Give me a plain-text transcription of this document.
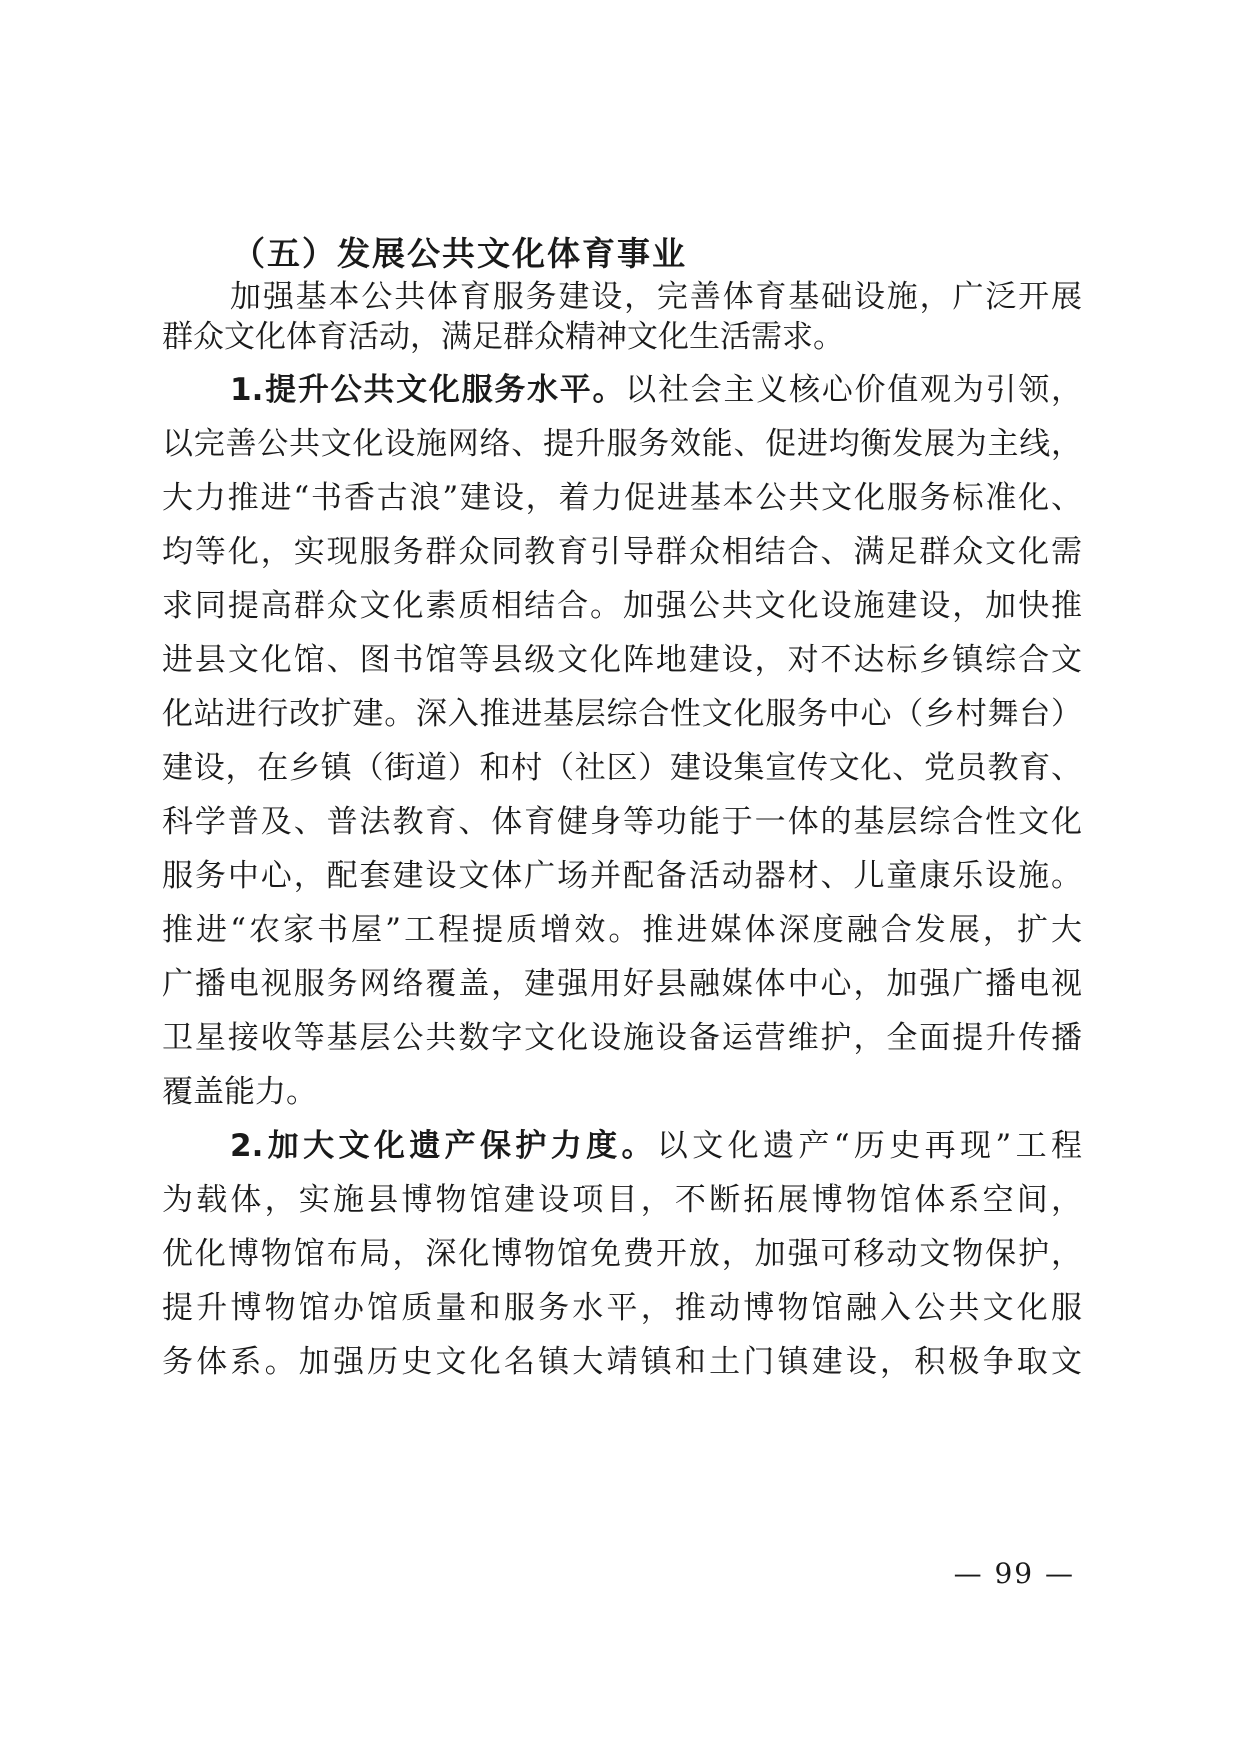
（五）发展公共文化体育事业
加强基本公共体育服务建设，完善体育基础设施，广泛开展
群众文化体育活动，满足群众精神文化生活需求。
1.提升公共文化服务水平。以社会主义核心价值观为引领，
以完善公共文化设施网络、提升服务效能、促进均衡发展为主线，
大力推进“书香古浪”建设，着力促进基本公共文化服务标准化、
均等化，实现服务群众同教育引导群众相结合、满足群众文化需
求同提高群众文化素质相结合。加强公共文化设施建设，加快推
进县文化馆、图书馆等县级文化阵地建设，对不达标乡镇综合文
化站进行改扩建。深入推进基层综合性文化服务中心（乡村舞台）
建设，在乡镇（街道）和村（社区）建设集宣传文化、党员教育、
科学普及、普法教育、体育健身等功能于一体的基层综合性文化
服务中心，配套建设文体广场并配备活动器材、儿童康乐设施。
推进“农家书屋”工程提质增效。推进媒体深度融合发展，扩大
广播电视服务网络覆盖，建强用好县融媒体中心，加强广播电视
卫星接收等基层公共数字文化设施设备运营维护，全面提升传播
覆盖能力。
2.加大文化遗产保护力度。以文化遗产“历史再现”工程
为载体，实施县博物馆建设项目，不断拓展博物馆体系空间，
优化博物馆布局，深化博物馆免费开放，加强可移动文物保护，
提升博物馆办馆质量和服务水平，推动博物馆融入公共文化服
务体系。加强历史文化名镇大靖镇和土门镇建设，积极争取文
— 99 —
